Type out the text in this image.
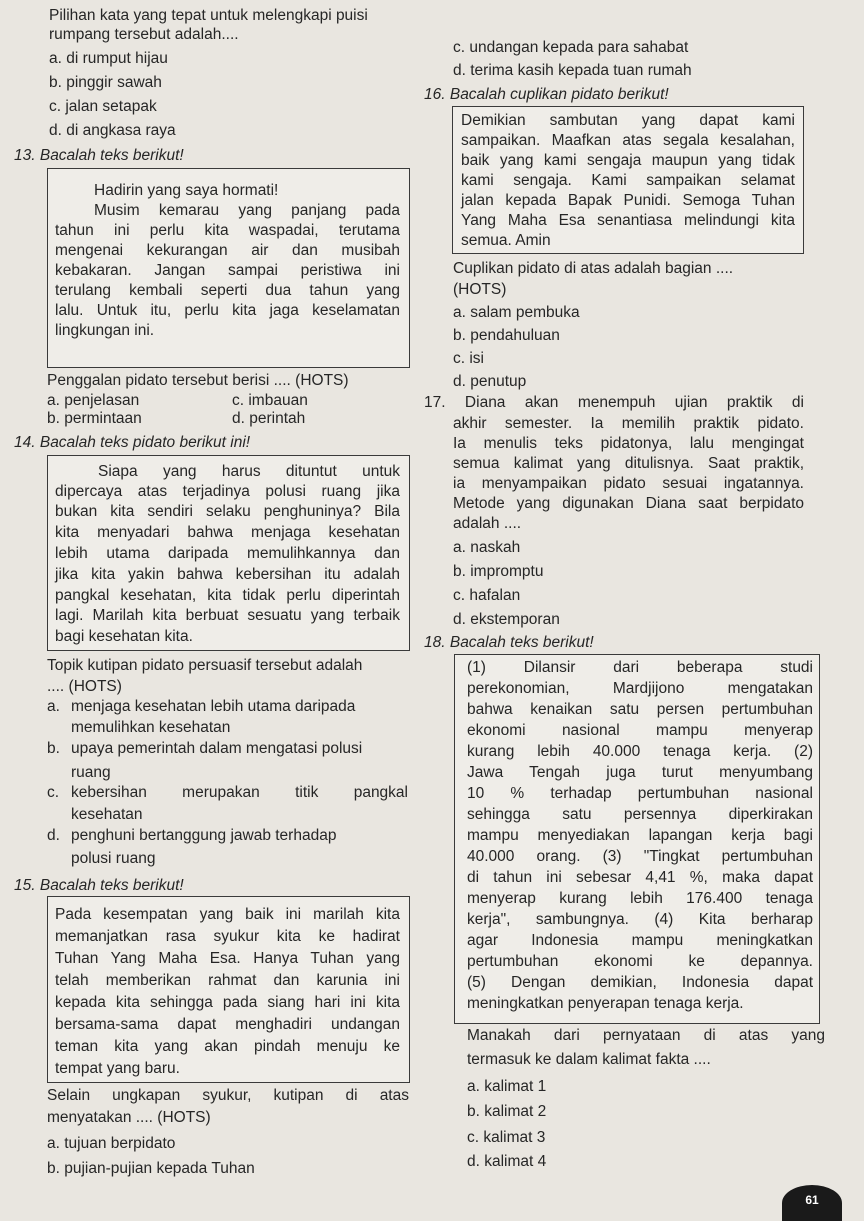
Pilihan kata yang tepat untuk melengkapi puisi

rumpang tersebut adalah....

a. di rumput hijau

b. pinggir sawah

c. jalan setapak

d. di angkasa raya

13. Bacalah teks berikut!

Hadirin yang saya hormati!

Musim kemarau yang panjang pada

tahun ini perlu kita waspadai, terutama

mengenai kekurangan air dan musibah

kebakaran. Jangan sampai peristiwa ini

terulang kembali seperti dua tahun yang

lalu. Untuk itu, perlu kita jaga keselamatan

lingkungan ini.

Penggalan pidato tersebut berisi .... (HOTS)

a. penjelasan	c. imbauan

b. permintaan	d. perintah

14. Bacalah teks pidato berikut ini!

Siapa yang harus dituntut untuk

dipercaya atas terjadinya polusi ruang jika

bukan kita sendiri selaku penghuninya? Bila

kita menyadari bahwa menjaga kesehatan

lebih utama daripada memulihkannya dan

jika kita yakin bahwa kebersihan itu adalah

pangkal kesehatan, kita tidak perlu diperintah

lagi. Marilah kita berbuat sesuatu yang terbaik

bagi kesehatan kita.

Topik kutipan pidato persuasif tersebut adalah

.... (HOTS)

a. menjaga kesehatan lebih utama daripada

memulihkan kesehatan

b. upaya pemerintah dalam mengatasi polusi

ruang

c. kebersihan merupakan titik pangkal

kesehatan

d. penghuni bertanggung jawab terhadap

polusi ruang

15. Bacalah teks berikut!

Pada kesempatan yang baik ini marilah kita

memanjatkan rasa syukur kita ke hadirat

Tuhan Yang Maha Esa. Hanya Tuhan yang

telah memberikan rahmat dan karunia ini

kepada kita sehingga pada siang hari ini kita

bersama-sama dapat menghadiri undangan

teman kita yang akan pindah menuju ke

tempat yang baru.

Selain ungkapan syukur, kutipan di atas

menyatakan .... (HOTS)

a. tujuan berpidato

b. pujian-pujian kepada Tuhan

c. undangan kepada para sahabat

d. terima kasih kepada tuan rumah

16. Bacalah cuplikan pidato berikut!

Demikian sambutan yang dapat kami

sampaikan. Maafkan atas segala kesalahan,

baik yang kami sengaja maupun yang tidak

kami sengaja. Kami sampaikan selamat

jalan kepada Bapak Punidi. Semoga Tuhan

Yang Maha Esa senantiasa melindungi kita

semua. Amin

Cuplikan pidato di atas adalah bagian ....

(HOTS)

a. salam pembuka

b. pendahuluan

c. isi

d. penutup

17. Diana akan menempuh ujian praktik di

akhir semester. Ia memilih praktik pidato.

Ia menulis teks pidatonya, lalu mengingat

semua kalimat yang ditulisnya. Saat praktik,

ia menyampaikan pidato sesuai ingatannya.

Metode yang digunakan Diana saat berpidato

adalah ....

a. naskah

b. impromptu

c. hafalan

d. ekstemporan

18. Bacalah teks berikut!

(1) Dilansir dari beberapa studi

perekonomian, Mardjijono mengatakan

bahwa kenaikan satu persen pertumbuhan

ekonomi nasional mampu menyerap

kurang lebih 40.000 tenaga kerja. (2)

Jawa Tengah juga turut menyumbang

10 % terhadap pertumbuhan nasional

sehingga satu persennya diperkirakan

mampu menyediakan lapangan kerja bagi

40.000 orang. (3) "Tingkat pertumbuhan

di tahun ini sebesar 4,41 %, maka dapat

menyerap kurang lebih 176.400 tenaga

kerja", sambungnya. (4) Kita berharap

agar Indonesia mampu meningkatkan

pertumbuhan ekonomi ke depannya.

(5) Dengan demikian, Indonesia dapat

meningkatkan penyerapan tenaga kerja.

Manakah dari pernyataan di atas yang

termasuk ke dalam kalimat fakta ....

a. kalimat 1

b. kalimat 2

c. kalimat 3

d. kalimat 4

61
